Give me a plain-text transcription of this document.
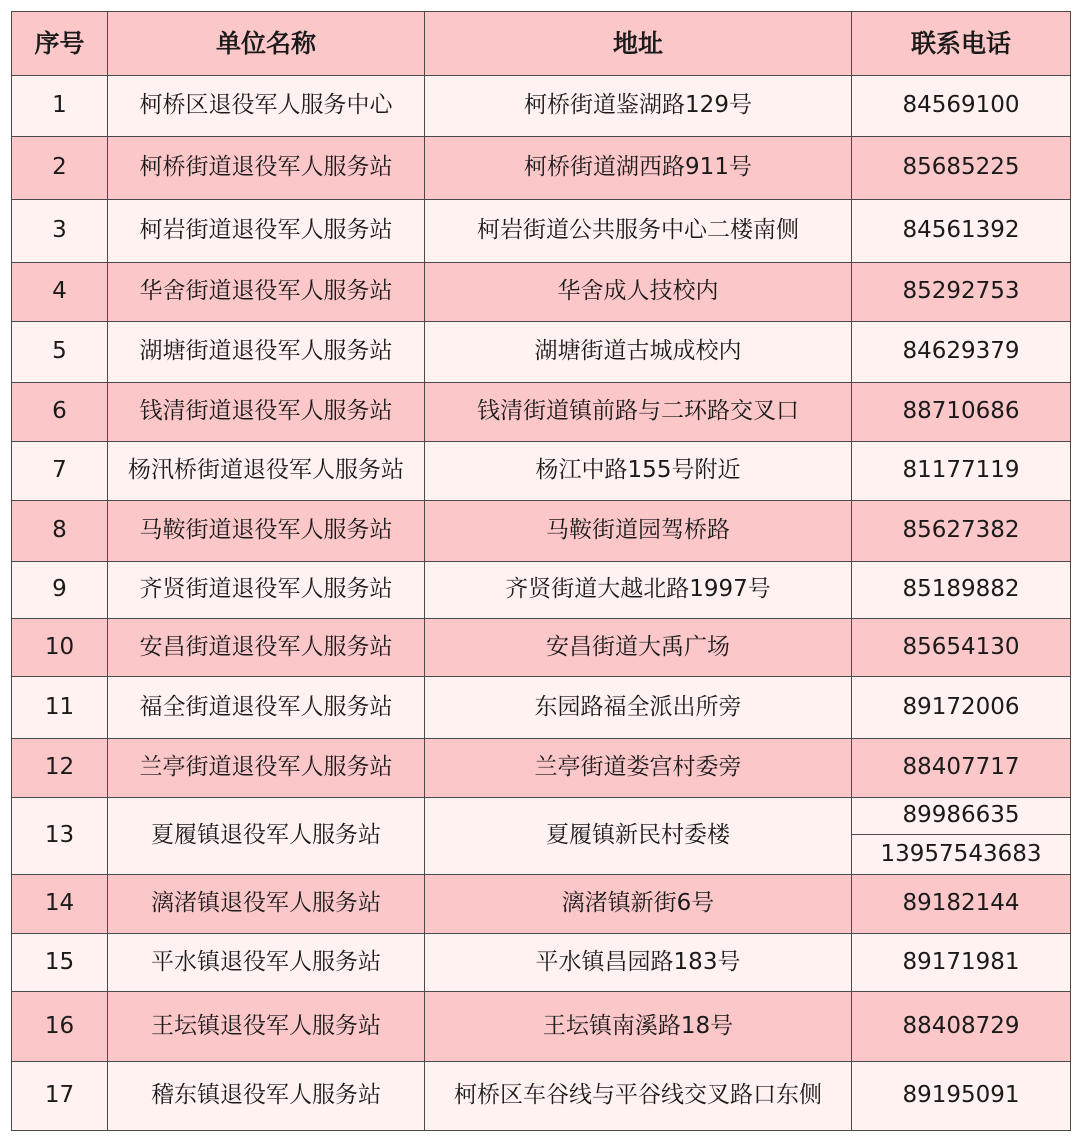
序号	单位名称	地址	联系电话
1	柯桥区退役军人服务中心	柯桥街道鉴湖路129号	84569100
2	柯桥街道退役军人服务站	柯桥街道湖西路911号	85685225
3	柯岩街道退役军人服务站	柯岩街道公共服务中心二楼南侧	84561392
4	华舍街道退役军人服务站	华舍成人技校内	85292753
5	湖塘街道退役军人服务站	湖塘街道古城成校内	84629379
6	钱清街道退役军人服务站	钱清街道镇前路与二环路交叉口	88710686
7	杨汛桥街道退役军人服务站	杨江中路155号附近	81177119
8	马鞍街道退役军人服务站	马鞍街道园驾桥路	85627382
9	齐贤街道退役军人服务站	齐贤街道大越北路1997号	85189882
10	安昌街道退役军人服务站	安昌街道大禹广场	85654130
11	福全街道退役军人服务站	东园路福全派出所旁	89172006
12	兰亭街道退役军人服务站	兰亭街道娄宫村委旁	88407717
13	夏履镇退役军人服务站	夏履镇新民村委楼	89986635
			13957543683
14	漓渚镇退役军人服务站	漓渚镇新街6号	89182144
15	平水镇退役军人服务站	平水镇昌园路183号	89171981
16	王坛镇退役军人服务站	王坛镇南溪路18号	88408729
17	稽东镇退役军人服务站	柯桥区车谷线与平谷线交叉路口东侧	89195091
